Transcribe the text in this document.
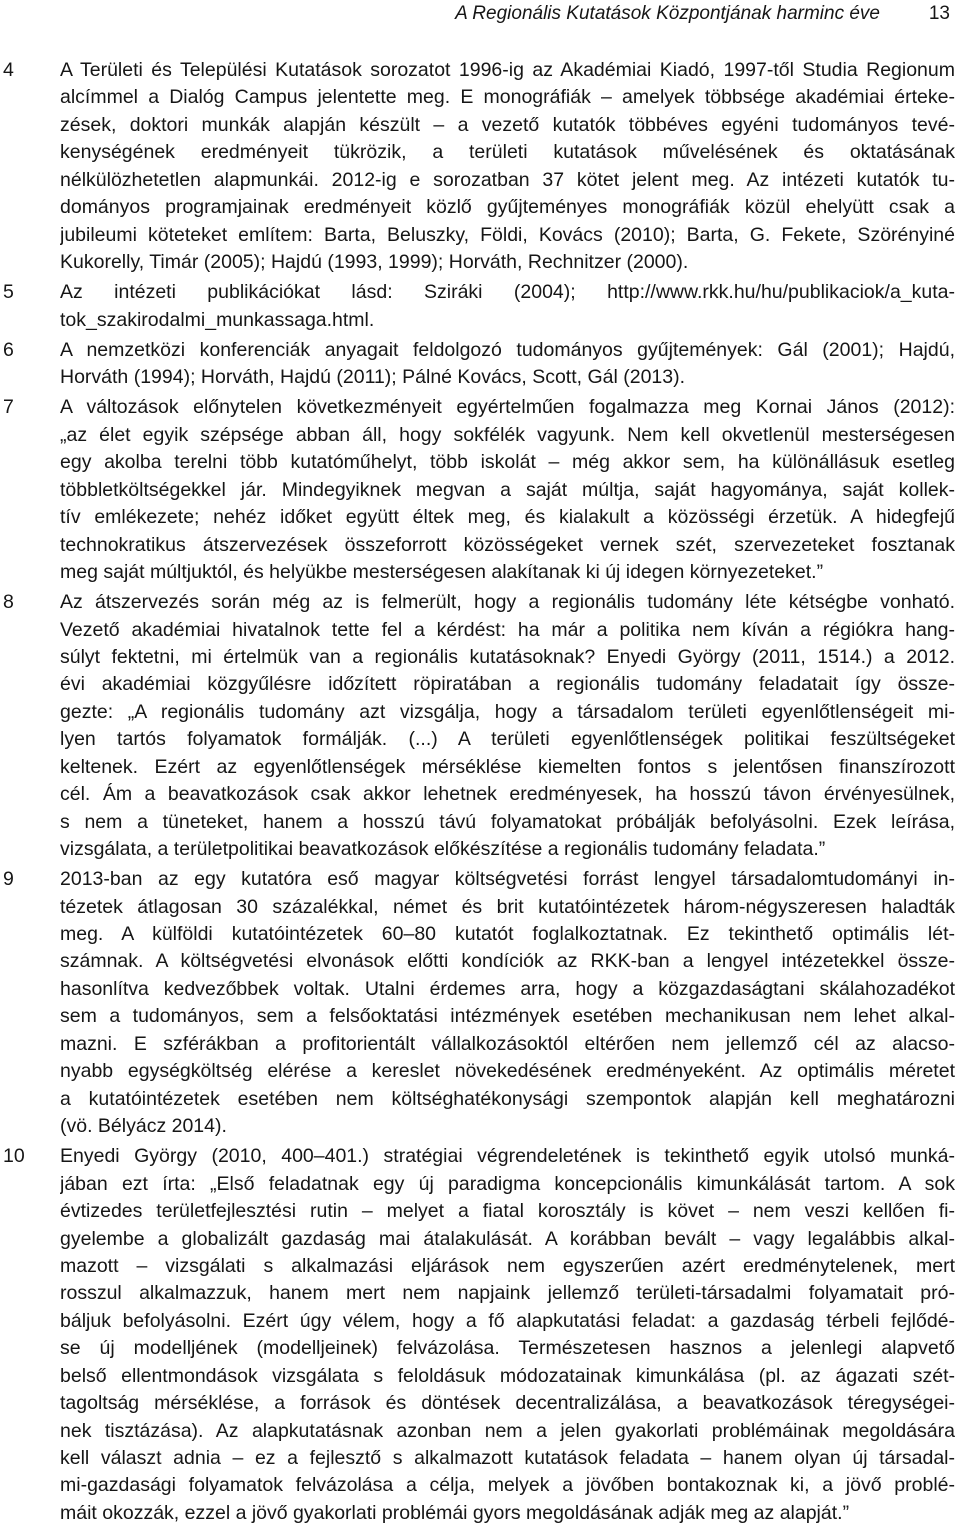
A Regionális Kutatások Központjának harminc éve	13
4 A Területi és Települési Kutatások sorozatot 1996-ig az Akadémiai Kiadó, 1997-től Studia Regionum
alcímmel a Dialóg Campus jelentette meg. E monográfiák – amelyek többsége akadémiai érteke-
zések, doktori munkák alapján készült – a vezető kutatók többéves egyéni tudományos tevé-
kenységének eredményeit tükrözik, a területi kutatások művelésének és oktatásának
nélkülözhetetlen alapmunkái. 2012-ig e sorozatban 37 kötet jelent meg. Az intézeti kutatók tu-
dományos programjainak eredményeit közlő gyűjteményes monográfiák közül ehelyütt csak a
jubileumi köteteket említem: Barta, Beluszky, Földi, Kovács (2010); Barta, G. Fekete, Szörényiné
Kukorelly, Timár (2005); Hajdú (1993, 1999); Horváth, Rechnitzer (2000).
5 Az intézeti publikációkat lásd: Sziráki (2004); http://www.rkk.hu/hu/publikaciok/a_kuta-
tok_szakirodalmi_munkassaga.html.
6 A nemzetközi konferenciák anyagait feldolgozó tudományos gyűjtemények: Gál (2001); Hajdú,
Horváth (1994); Horváth, Hajdú (2011); Pálné Kovács, Scott, Gál (2013).
7 A változások előnytelen következményeit egyértelműen fogalmazza meg Kornai János (2012):
„az élet egyik szépsége abban áll, hogy sokfélék vagyunk. Nem kell okvetlenül mesterségesen
egy akolba terelni több kutatóműhelyt, több iskolát – még akkor sem, ha különállásuk esetleg
többletköltségekkel jár. Mindegyiknek megvan a saját múltja, saját hagyománya, saját kollek-
tív emlékezete; nehéz időket együtt éltek meg, és kialakult a közösségi érzetük. A hidegfejű
technokratikus átszervezések összeforrott közösségeket vernek szét, szervezeteket fosztanak
meg saját múltjuktól, és helyükbe mesterségesen alakítanak ki új idegen környezeteket.”
8 Az átszervezés során még az is felmerült, hogy a regionális tudomány léte kétségbe vonható.
Vezető akadémiai hivatalnok tette fel a kérdést: ha már a politika nem kíván a régiókra hang-
súlyt fektetni, mi értelmük van a regionális kutatásoknak? Enyedi György (2011, 1514.) a 2012.
évi akadémiai közgyűlésre időzített röpiratában a regionális tudomány feladatait így össze-
gezte: „A regionális tudomány azt vizsgálja, hogy a társadalom területi egyenlőtlenségeit mi-
lyen tartós folyamatok formálják. (...) A területi egyenlőtlenségek politikai feszültségeket
keltenek. Ezért az egyenlőtlenségek mérséklése kiemelten fontos s jelentősen finanszírozott
cél. Ám a beavatkozások csak akkor lehetnek eredményesek, ha hosszú távon érvényesülnek,
s nem a tüneteket, hanem a hosszú távú folyamatokat próbálják befolyásolni. Ezek leírása,
vizsgálata, a területpolitikai beavatkozások előkészítése a regionális tudomány feladata.”
9 2013-ban az egy kutatóra eső magyar költségvetési forrást lengyel társadalomtudományi in-
tézetek átlagosan 30 százalékkal, német és brit kutatóintézetek három-négyszeresen haladták
meg. A külföldi kutatóintézetek 60–80 kutatót foglalkoztatnak. Ez tekinthető optimális lét-
számnak. A költségvetési elvonások előtti kondíciók az RKK-ban a lengyel intézetekkel össze-
hasonlítva kedvezőbbek voltak. Utalni érdemes arra, hogy a közgazdaságtani skálahozadékot
sem a tudományos, sem a felsőoktatási intézmények esetében mechanikusan nem lehet alkal-
mazni. E szférákban a profitorientált vállalkozásoktól eltérően nem jellemző cél az alacso-
nyabb egységköltség elérése a kereslet növekedésének eredményeként. Az optimális méretet
a kutatóintézetek esetében nem költséghatékonysági szempontok alapján kell meghatározni
(vö. Bélyácz 2014).
10 Enyedi György (2010, 400–401.) stratégiai végrendeletének is tekinthető egyik utolsó munká-
jában ezt írta: „Első feladatnak egy új paradigma koncepcionális kimunkálását tartom. A sok
évtizedes területfejlesztési rutin – melyet a fiatal korosztály is követ – nem veszi kellően fi-
gyelembe a globalizált gazdaság mai átalakulását. A korábban bevált – vagy legalábbis alkal-
mazott – vizsgálati s alkalmazási eljárások nem egyszerűen azért eredménytelenek, mert
rosszul alkalmazzuk, hanem mert nem napjaink jellemző területi-társadalmi folyamatait pró-
báljuk befolyásolni. Ezért úgy vélem, hogy a fő alapkutatási feladat: a gazdaság térbeli fejlődé-
se új modelljének (modelljeinek) felvázolása. Természetesen hasznos a jelenlegi alapvető
belső ellentmondások vizsgálata s feloldásuk módozatainak kimunkálása (pl. az ágazati szét-
tagoltság mérséklése, a források és döntések decentralizálása, a beavatkozások téregységei-
nek tisztázása). Az alapkutatásnak azonban nem a jelen gyakorlati problémáinak megoldására
kell választ adnia – ez a fejlesztő s alkalmazott kutatások feladata – hanem olyan új társadal-
mi-gazdasági folyamatok felvázolása a célja, melyek a jövőben bontakoznak ki, a jövő problé-
máit okozzák, ezzel a jövő gyakorlati problémái gyors megoldásának adják meg az alapját.”
